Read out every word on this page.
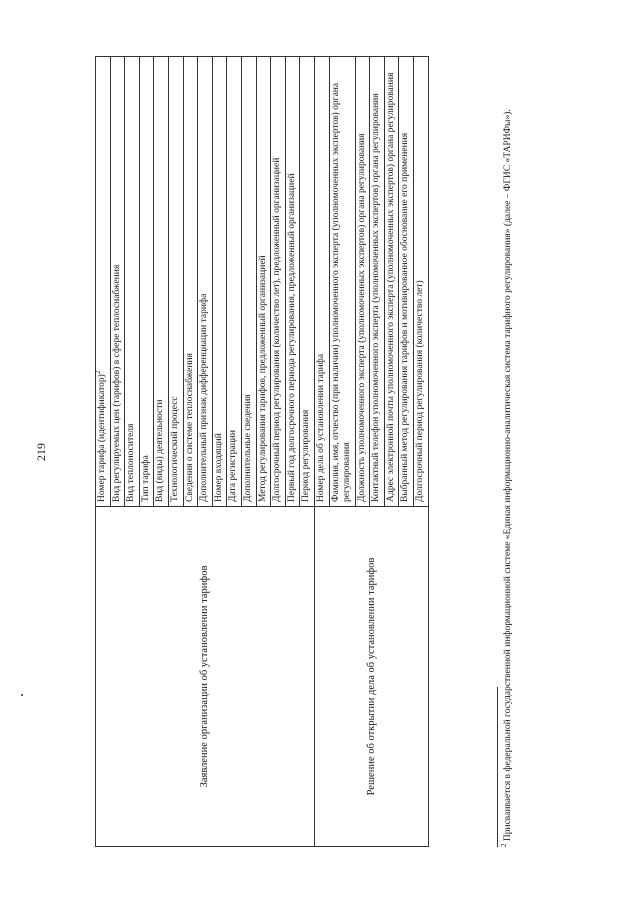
219
Заявление организации об установлении тарифов	Номер тарифа (идентификатор)$^2$
	Вид регулируемых цен (тарифов) в сфере теплоснабжения
	Вид теплоносителя
	Тип тарифа
	Вид (виды) деятельности
	Технологический процесс
	Сведения о системе теплоснабжения
	Дополнительный признак дифференциации тарифа
	Номер входящий
	Дата регистрации
	Дополнительные сведения
	Метод регулирования тарифов, предложенный организацией
	Долгосрочный период регулирования (количество лет), предложенный организацией
	Первый год долгосрочного периода регулирования, предложенный организацией
	Период регулирования
Решение об открытии дела об установлении тарифов	Номер дела об установлении тарифа
	Фамилия, имя, отчество (при наличии) уполномоченного эксперта (уполномоченных экспертов) органа регулирования
	Должность уполномоченного эксперта (уполномоченных экспертов) органа регулирования
	Контактный телефон уполномоченного эксперта (уполномоченных экспертов) органа регулирования
	Адрес электронной почты уполномоченного эксперта (уполномоченных экспертов) органа регулирования
	Выбранный метод регулирования тарифов и мотивированное обоснование его применения
	Долгосрочный период регулирования (количество лет)
$^2$ Присваивается в федеральной государственной информационной системе «Единая информационно-аналитическая система тарифного регулирования» (далее – ФГИС «ТАРИФы»).
